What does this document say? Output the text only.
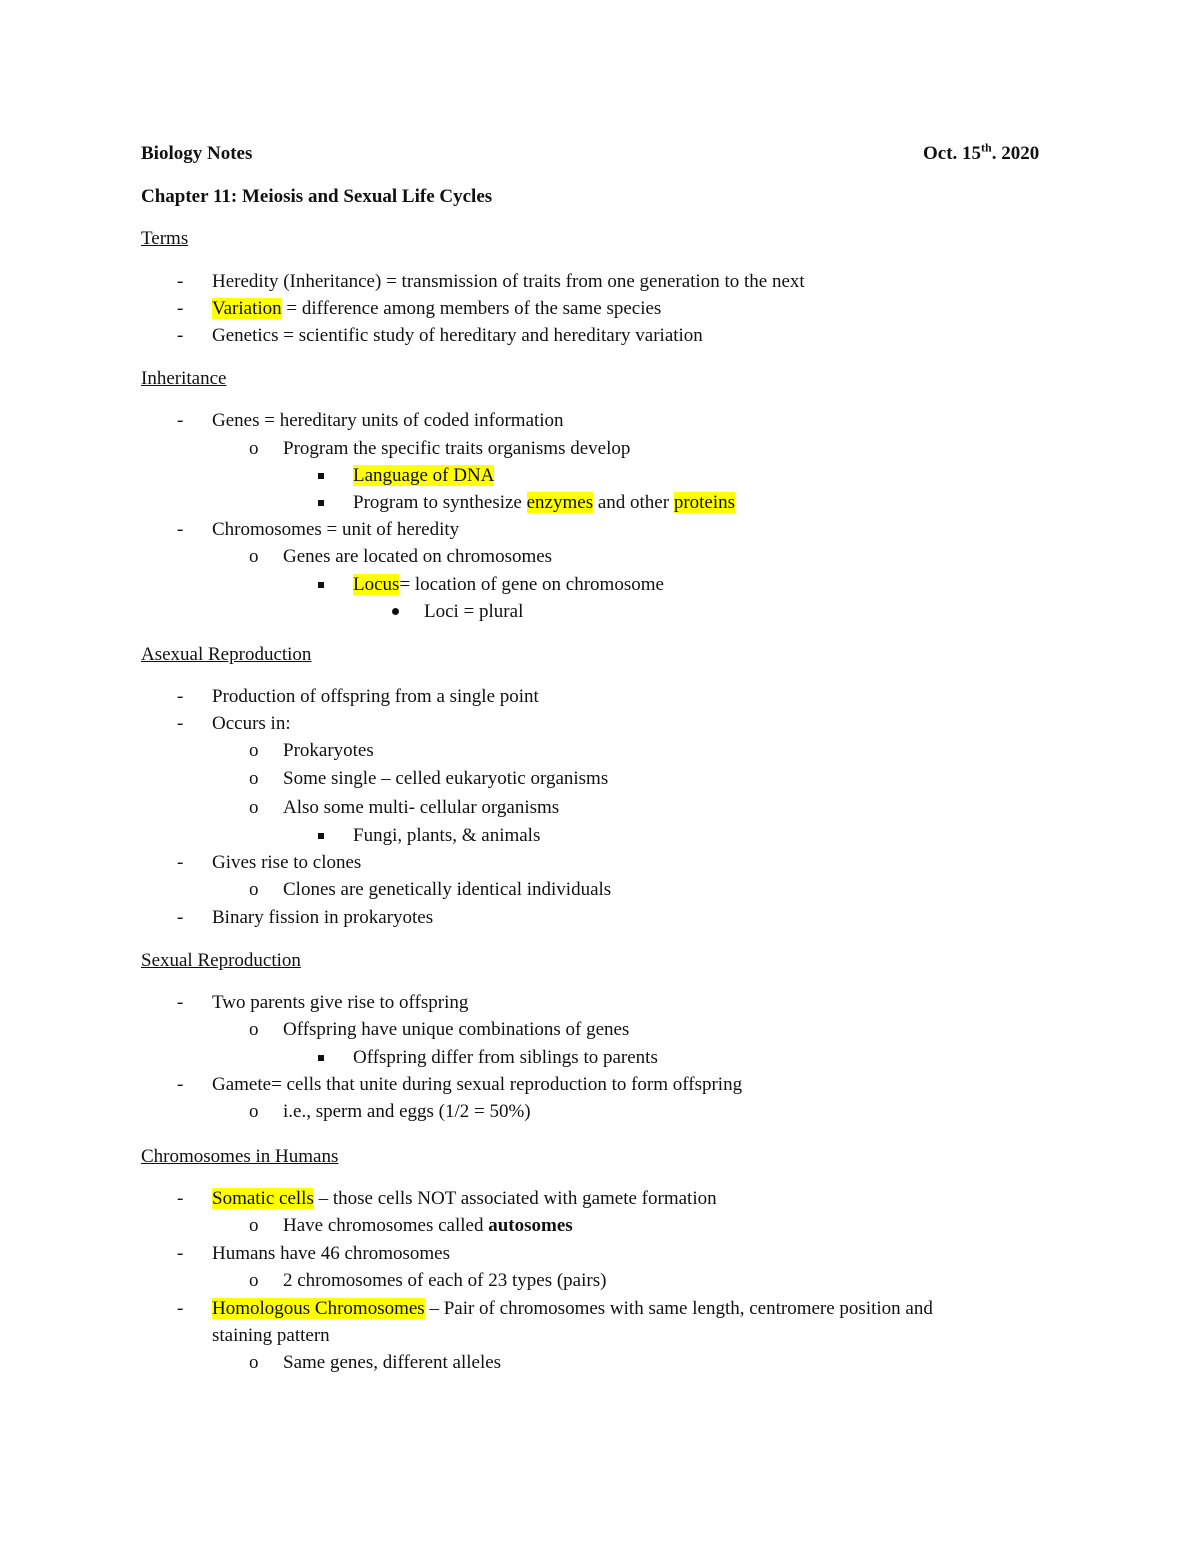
Biology Notes	Oct. 15th. 2020
Chapter 11: Meiosis and Sexual Life Cycles
Terms
- Heredity (Inheritance) = transmission of traits from one generation to the next
- Variation = difference among members of the same species
- Genetics = scientific study of hereditary and hereditary variation
Inheritance
- Genes = hereditary units of coded information
o Program the specific traits organisms develop
Language of DNA
Program to synthesize enzymes and other proteins
- Chromosomes = unit of heredity
o Genes are located on chromosomes
Locus= location of gene on chromosome
Loci = plural
Asexual Reproduction
- Production of offspring from a single point
- Occurs in:
o Prokaryotes
o Some single – celled eukaryotic organisms
o Also some multi- cellular organisms
Fungi, plants, & animals
- Gives rise to clones
o Clones are genetically identical individuals
- Binary fission in prokaryotes
Sexual Reproduction
- Two parents give rise to offspring
o Offspring have unique combinations of genes
Offspring differ from siblings to parents
- Gamete= cells that unite during sexual reproduction to form offspring
o i.e., sperm and eggs (1/2 = 50%)
Chromosomes in Humans
- Somatic cells – those cells NOT associated with gamete formation
o Have chromosomes called autosomes
- Humans have 46 chromosomes
o 2 chromosomes of each of 23 types (pairs)
- Homologous Chromosomes – Pair of chromosomes with same length, centromere position and
staining pattern
o Same genes, different alleles
